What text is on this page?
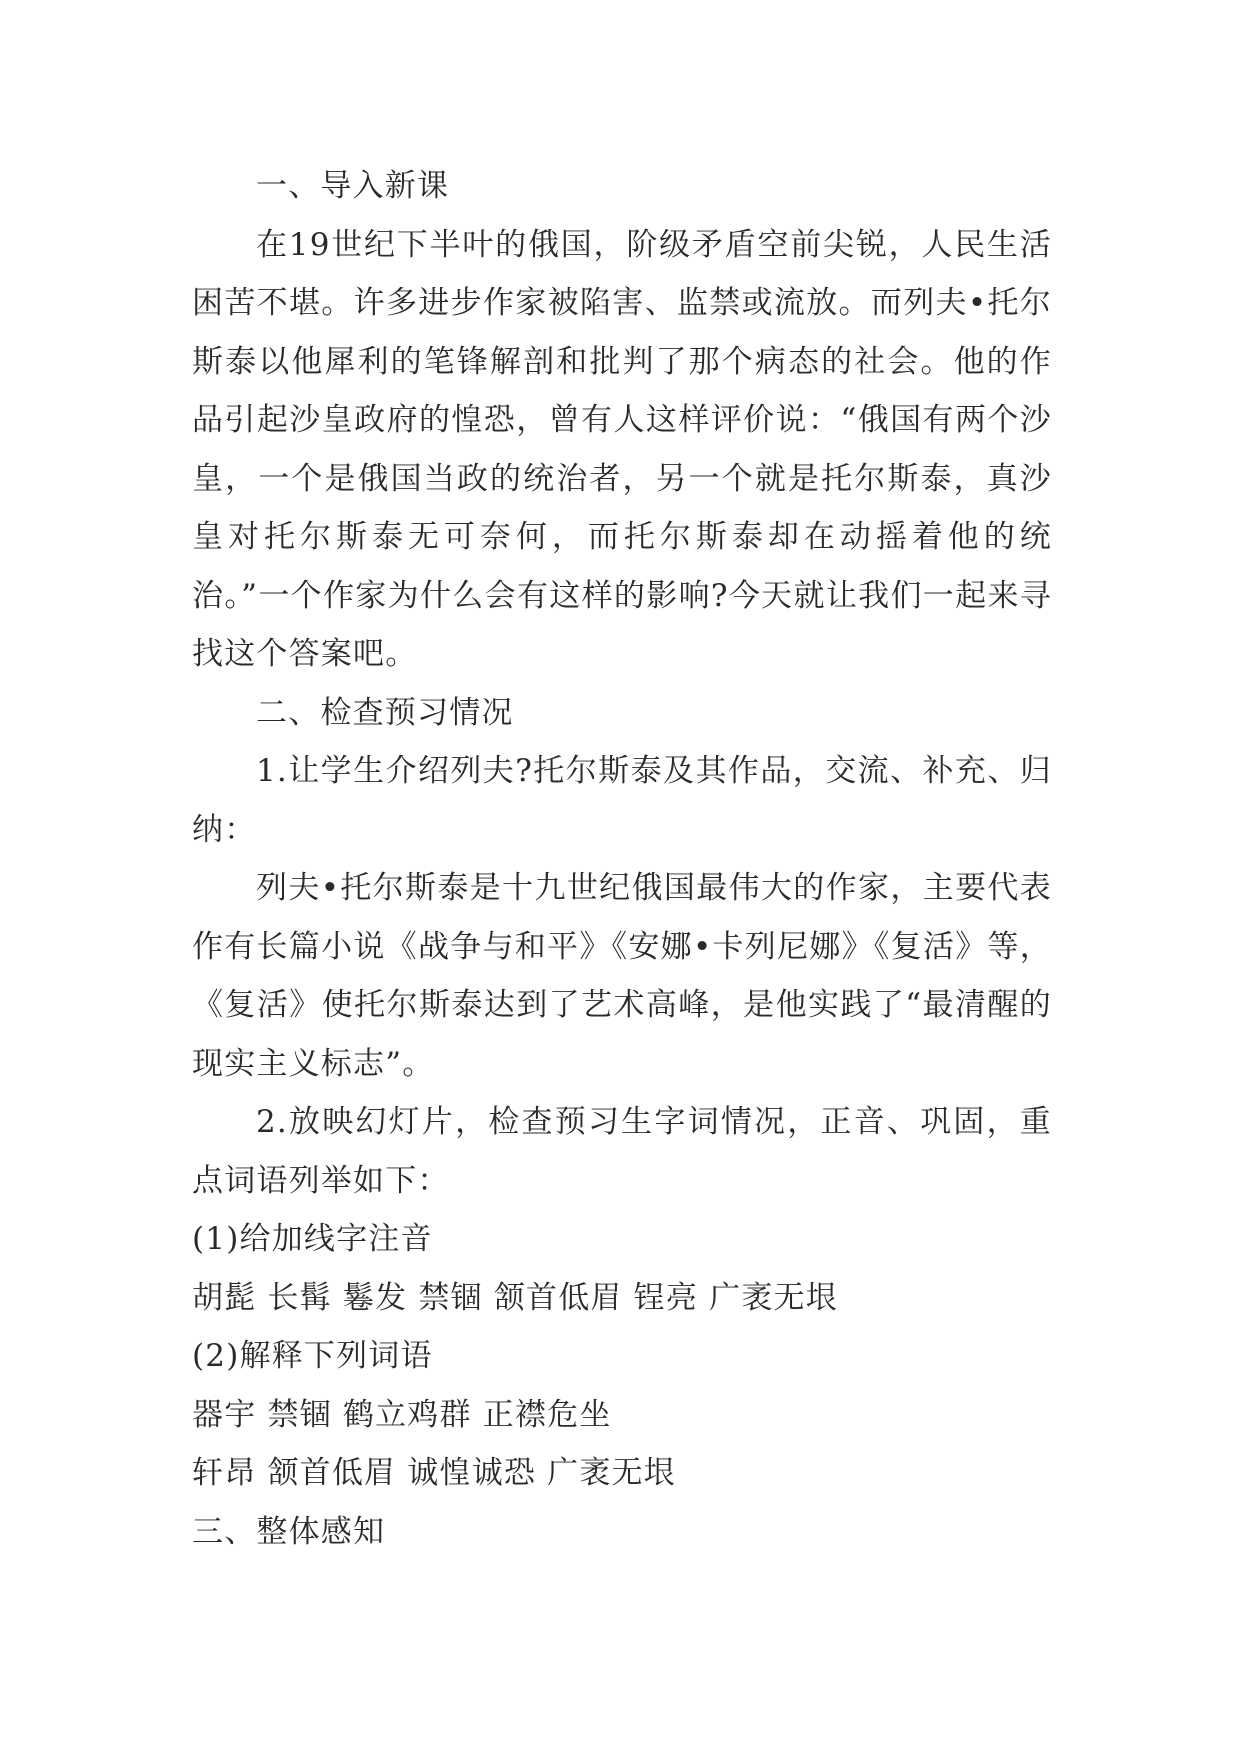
一、导入新课

在19世纪下半叶的俄国，阶级矛盾空前尖锐，人民生活困苦不堪。许多进步作家被陷害、监禁或流放。而列夫•托尔斯泰以他犀利的笔锋解剖和批判了那个病态的社会。他的作品引起沙皇政府的惶恐，曾有人这样评价说：“俄国有两个沙皇，一个是俄国当政的统治者，另一个就是托尔斯泰，真沙皇对托尔斯泰无可奈何，而托尔斯泰却在动摇着他的统治。”一个作家为什么会有这样的影响?今天就让我们一起来寻找这个答案吧。

二、检查预习情况

1.让学生介绍列夫?托尔斯泰及其作品，交流、补充、归纳：

列夫•托尔斯泰是十九世纪俄国最伟大的作家，主要代表作有长篇小说《战争与和平》《安娜•卡列尼娜》《复活》等，《复活》使托尔斯泰达到了艺术高峰，是他实践了“最清醒的现实主义标志”。

2.放映幻灯片，检查预习生字词情况，正音、巩固，重点词语列举如下：

(1)给加线字注音

胡髭 长髯 鬈发 禁锢 颔首低眉 锃亮 广袤无垠

(2)解释下列词语

器宇 禁锢 鹤立鸡群 正襟危坐

轩昂 颔首低眉 诚惶诚恐 广袤无垠

三、整体感知
